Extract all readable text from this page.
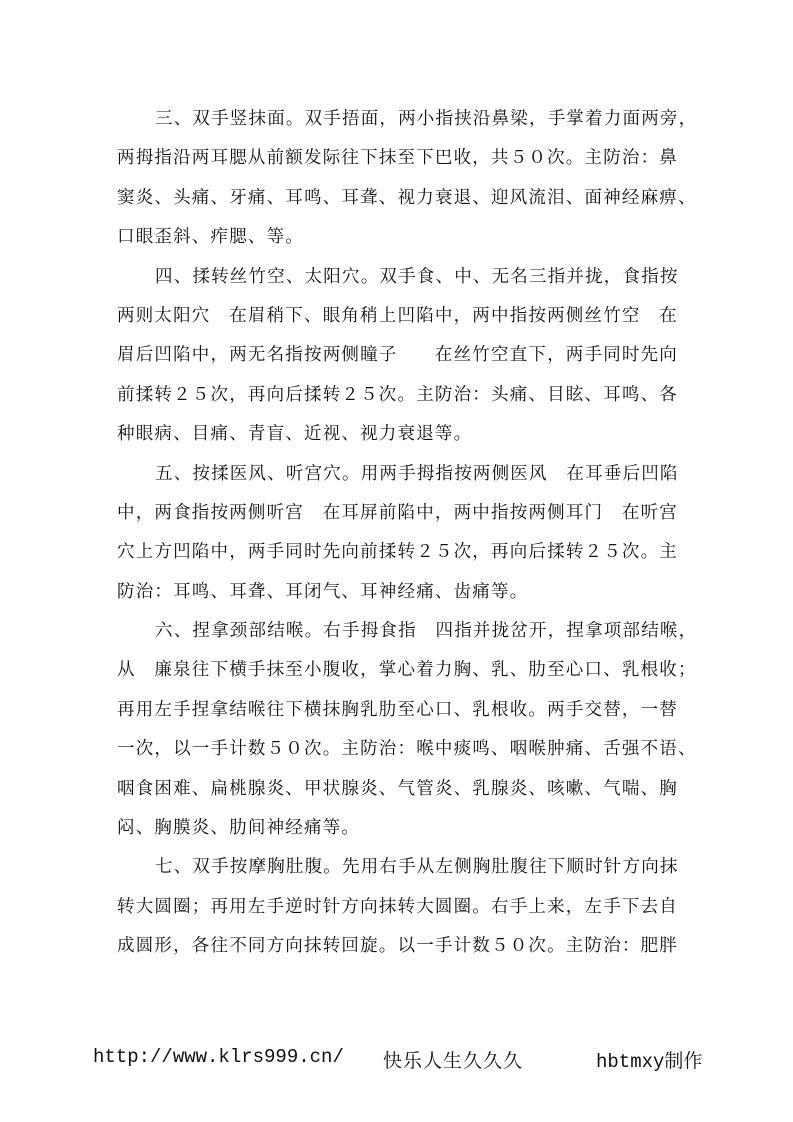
三、双手竖抹面。双手捂面，两小指挟沿鼻梁，手掌着力面两旁，
两拇指沿两耳腮从前额发际往下抹至下巴收，共５０次。主防治：鼻
窦炎、头痛、牙痛、耳鸣、耳聋、视力衰退、迎风流泪、面神经麻痹、
口眼歪斜、痄腮、等。
四、揉转丝竹空、太阳穴。双手食、中、无名三指并拢，食指按
两则太阳穴　在眉稍下、眼角稍上凹陷中，两中指按两侧丝竹空　在
眉后凹陷中，两无名指按两侧瞳子　　在丝竹空直下，两手同时先向
前揉转２５次，再向后揉转２５次。主防治：头痛、目眩、耳鸣、各
种眼病、目痛、青盲、近视、视力衰退等。
五、按揉医风、听宫穴。用两手拇指按两侧医风　在耳垂后凹陷
中，两食指按两侧听宫　在耳屏前陷中，两中指按两侧耳门　在听宫
穴上方凹陷中，两手同时先向前揉转２５次，再向后揉转２５次。主
防治：耳鸣、耳聋、耳闭气、耳神经痛、齿痛等。
六、捏拿颈部结喉。右手拇食指　四指并拢岔开，捏拿项部结喉，
从　廉泉往下横手抹至小腹收，掌心着力胸、乳、肋至心口、乳根收；
再用左手捏拿结喉往下横抹胸乳肋至心口、乳根收。两手交替，一替
一次，以一手计数５０次。主防治：喉中痰鸣、咽喉肿痛、舌强不语、
咽食困难、扁桃腺炎、甲状腺炎、气管炎、乳腺炎、咳嗽、气喘、胸
闷、胸膜炎、肋间神经痛等。
七、双手按摩胸肚腹。先用右手从左侧胸肚腹往下顺时针方向抹
转大圆圈；再用左手逆时针方向抹转大圆圈。右手上来，左手下去自
成圆形，各往不同方向抹转回旋。以一手计数５０次。主防治：肥胖
http://www.klrs999.cn/ 快乐人生久久久	hbtmxy制作
